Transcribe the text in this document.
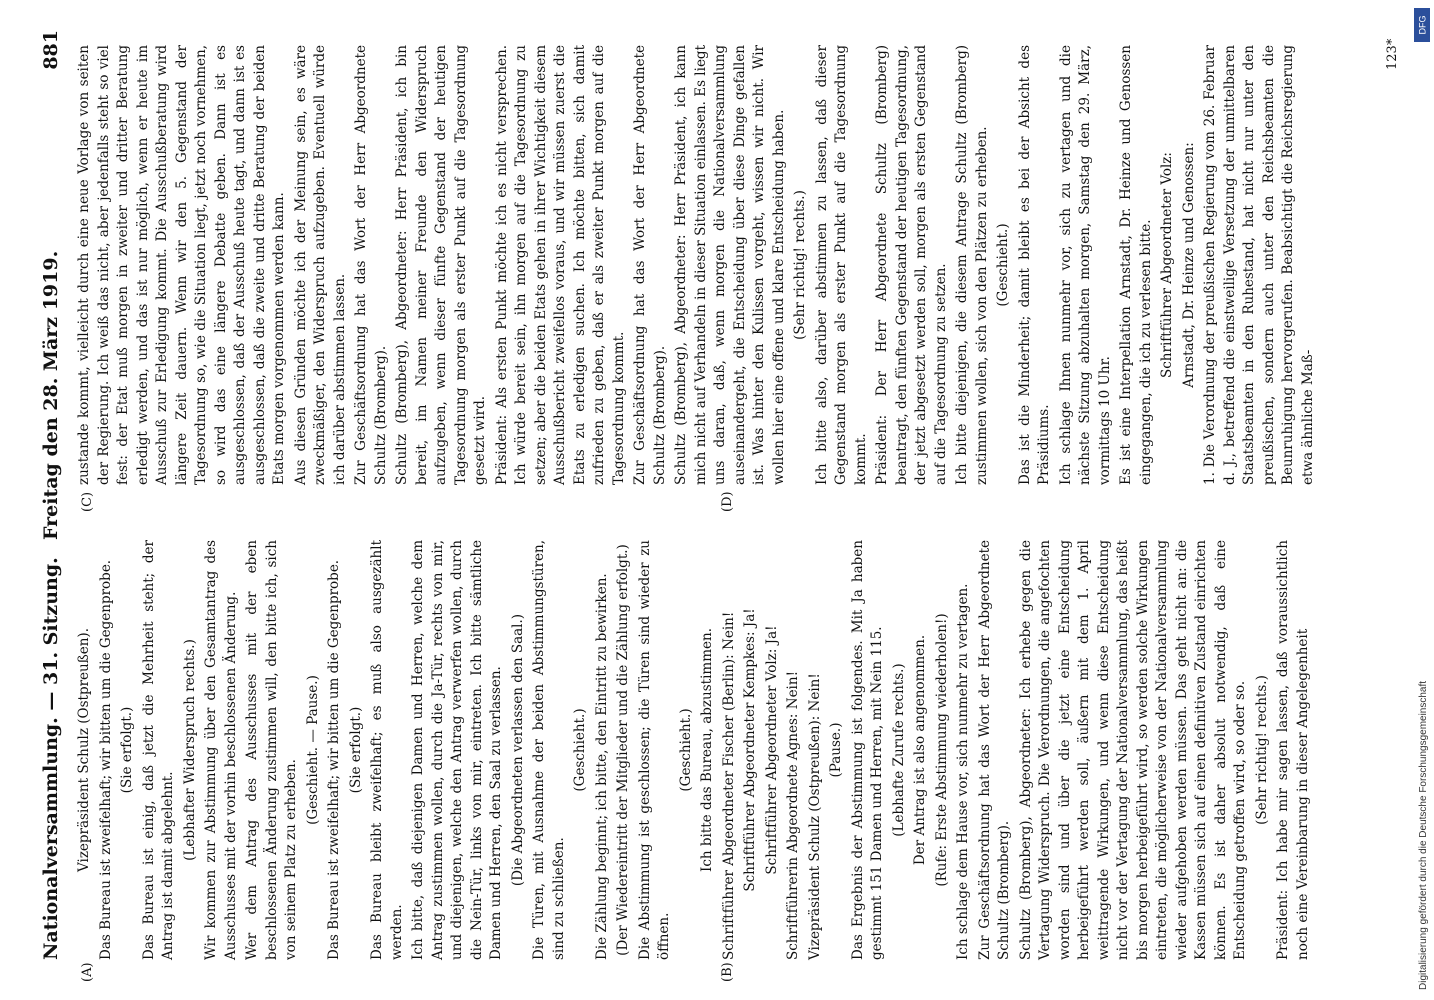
Nationalversammlung. — 31. Sitzung.
Freitag den 28. März 1919.
881

Vizepräsident Schulz (Ostpreußen). Das Bureau ist zweifelhaft; wir bitten um die Gegenprobe. (Sie erfolgt.) Das Bureau ist einig, daß jetzt die Mehrheit steht; der Antrag ist damit abgelehnt.

(Lebhafter Widerspruch rechts.) Wir kommen zur Abstimmung über den Gesamtantrag des Ausschusses mit der vorhin beschlossenen Änderung. Wer dem Antrag des Ausschusses mit der eben beschlossenen Änderung zustimmen will, den bitte ich, sich von seinem Platz zu erheben.

(Geschieht. — Pause.) Das Bureau ist zweifelhaft; wir bitten um die Gegenprobe. (Sie erfolgt.) Das Bureau bleibt zweifelhaft; es muß also ausgezählt werden. Ich bitte, daß diejenigen Damen und Herren, welche dem Antrag zustimmen wollen, durch die Ja-Tür, rechts von mir, und diejenigen, welche den Antrag verwerfen wollen, durch die Nein-Tür, links von mir, eintreten. Ich bitte sämtliche Damen und Herren, den Saal zu verlassen. (Die Abgeordneten verlassen den Saal.) Die Türen, mit Ausnahme der beiden Abstimmungstüren, sind zu schließen.

(Geschieht.) Die Zählung beginnt; ich bitte, den Eintritt zu bewirken. (Der Wiedereintritt der Mitglieder und die Zählung erfolgt.) Die Abstimmung ist geschlossen; die Türen sind wieder zu öffnen.

(Geschieht.) Ich bitte das Bureau, abzustimmen. Schriftführer Abgeordneter Fischer (Berlin): Nein! Schriftführer Abgeordneter Kempkes: Ja! Schriftführer Abgeordneter Volz: Ja! Schriftführerin Abgeordnete Agnes: Nein! Vizepräsident Schulz (Ostpreußen): Nein! (Pause.) Das Ergebnis der Abstimmung ist folgendes. Mit Ja haben gestimmt 151 Damen und Herren, mit Nein 115. (Lebhafte Zurufe rechts.) Der Antrag ist also angenommen. (Rufe: Erste Abstimmung wiederholen!) Ich schlage dem Hause vor, sich nunmehr zu vertagen. Zur Geschäftsordnung hat das Wort der Herr Abgeordnete Schultz (Bromberg). Schultz (Bromberg), Abgeordneter: Ich erhebe gegen die Vertagung Widerspruch. Die Verordnungen, die angefochten worden sind und über die jetzt eine Entscheidung herbeigeführt werden soll, äußern mit dem 1. April weittragende Wirkungen, und wenn diese Entscheidung nicht vor der Vertagung der Nationalversammlung, das heißt bis morgen herbeigeführt wird, so werden solche Wirkungen eintreten, die möglicherweise von der Nationalversammlung wieder aufgehoben werden müssen. Das geht nicht an: die Kassen müssen sich auf einen definitiven Zustand einrichten können. Es ist daher absolut notwendig, daß eine Entscheidung getroffen wird, so oder so. (Sehr richtig! rechts.) Präsident: Ich habe mir sagen lassen, daß voraussichtlich noch eine Vereinbarung in dieser Angelegenheit

zustande kommt, vielleicht durch eine neue Vorlage von seiten der Regierung. Ich weiß das nicht, aber jedenfalls steht so viel fest: der Etat muß morgen in zweiter und dritter Beratung erledigt werden, und das ist nur möglich, wenn er heute im Ausschuß zur Erledigung kommt. Die Ausschußberatung wird längere Zeit dauern. Wenn wir den 5. Gegenstand der Tagesordnung so, wie die Situation liegt, jetzt noch vornehmen, so wird das eine längere Debatte geben. Dann ist es ausgeschlossen, daß der Ausschuß heute tagt, und dann ist es ausgeschlossen, daß die zweite und dritte Beratung der beiden Etats morgen vorgenommen werden kann. Aus diesen Gründen möchte ich der Meinung sein, es wäre zweckmäßiger, den Widerspruch aufzugeben. Eventuell würde ich darüber abstimmen lassen. Zur Geschäftsordnung hat das Wort der Herr Abgeordnete Schultz (Bromberg). Schultz (Bromberg), Abgeordneter: Herr Präsident, ich bin bereit, im Namen meiner Freunde den Widerspruch aufzugeben, wenn dieser fünfte Gegenstand der heutigen Tagesordnung morgen als erster Punkt auf die Tagesordnung gesetzt wird. Präsident: Als ersten Punkt möchte ich es nicht versprechen. Ich würde bereit sein, ihn morgen auf die Tagesordnung zu setzen; aber die beiden Etats gehen in ihrer Wichtigkeit diesem Ausschußbericht zweifellos voraus, und wir müssen zuerst die Etats zu erledigen suchen. Ich möchte bitten, sich damit zufrieden zu geben, daß er als zweiter Punkt morgen auf die Tagesordnung kommt. Zur Geschäftsordnung hat das Wort der Herr Abgeordnete Schultz (Bromberg). Schultz (Bromberg), Abgeordneter: Herr Präsident, ich kann mich nicht auf Verhandeln in dieser Situation einlassen. Es liegt uns daran, daß, wenn morgen die Nationalversammlung auseinandergeht, die Entscheidung über diese Dinge gefallen ist. Was hinter den Kulissen vorgeht, wissen wir nicht. Wir wollen hier eine offene und klare Entscheidung haben. (Sehr richtig! rechts.) Ich bitte also, darüber abstimmen zu lassen, daß dieser Gegenstand morgen als erster Punkt auf die Tagesordnung kommt. Präsident: Der Herr Abgeordnete Schultz (Bromberg) beantragt, den fünften Gegenstand der heutigen Tagesordnung, der jetzt abgesetzt werden soll, morgen als ersten Gegenstand auf die Tagesordnung zu setzen. Ich bitte diejenigen, die diesem Antrage Schultz (Bromberg) zustimmen wollen, sich von den Plätzen zu erheben. (Geschieht.) Das ist die Minderheit; damit bleibt es bei der Absicht des Präsidiums. Ich schlage Ihnen nunmehr vor, sich zu vertagen und die nächste Sitzung abzuhalten morgen, Samstag den 29. März, vormittags 10 Uhr. Es ist eine Interpellation Arnstadt, Dr. Heinze und Genossen eingegangen, die ich zu verlesen bitte. Schriftführer Abgeordneter Volz: Arnstadt, Dr. Heinze und Genossen: 1. Die Verordnung der preußischen Regierung vom 26. Februar d. J., betreffend die einstweilige Versetzung der unmittelbaren Staatsbeamten in den Ruhestand, hat nicht nur unter den preußischen, sondern auch unter den Reichsbeamten die Beunruhigung hervorgerufen. Beabsichtigt die Reichsregierung etwa ähnliche Maß-

(A)	(B)
(C)	(D)
123*
Digitalisierung gefördert durch die Deutsche Forschungsgemeinschaft
DFG
